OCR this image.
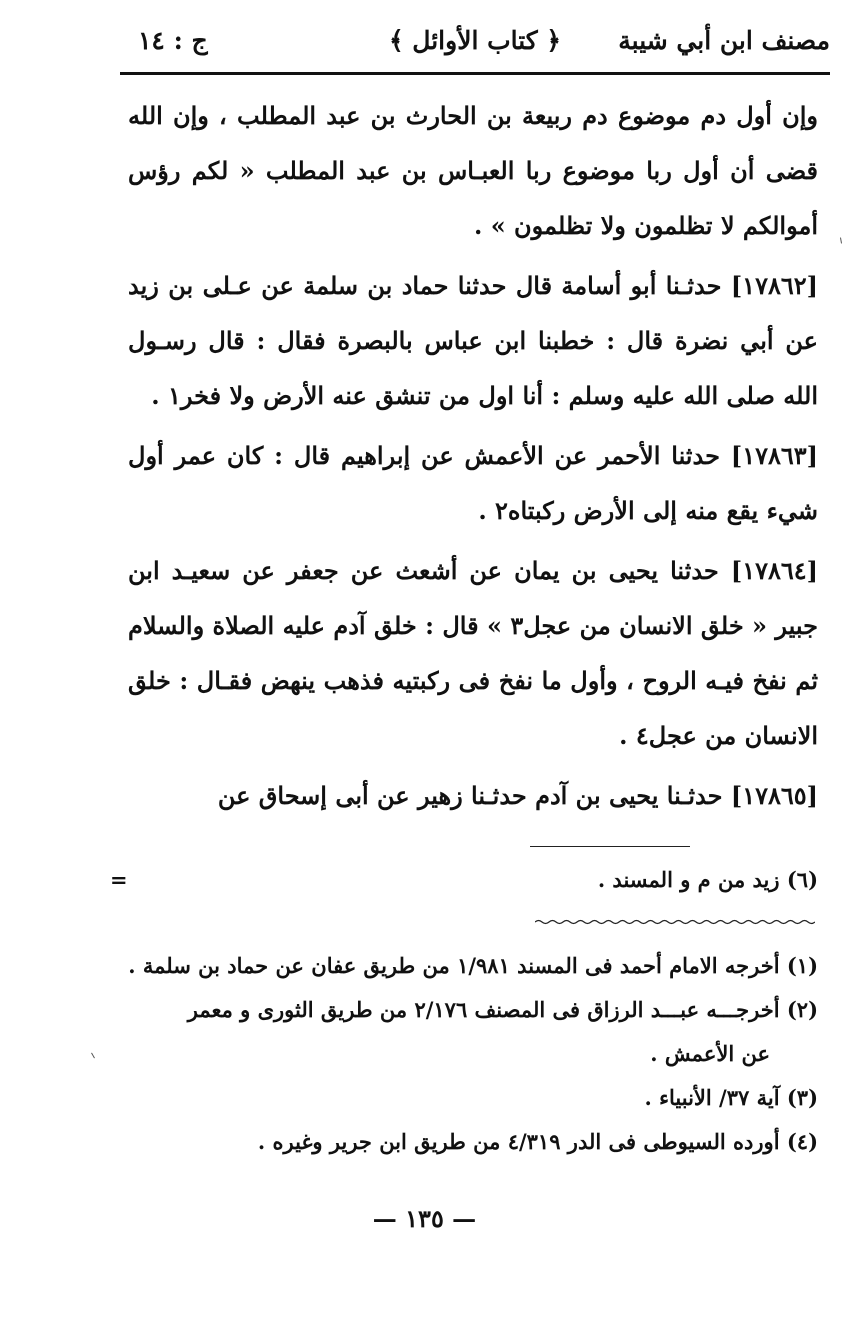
مصنف ابن أبي شيبة
﴿ كتاب الأوائل ﴾
ج : ١٤

وإن أول دم موضوع دم ربيعة بن الحارث بن عبد المطلب ، وإن الله قضى أن أول ربا موضوع ربا العبـاس بن عبد المطلب « لكم رؤس أموالكم لا تظلمون ولا تظلمون » .

[١٧٨٦٢] حدثـنا أبو أسامة قال حدثنا حماد بن سلمة عن عـلى بن زيد عن أبي نضرة قال : خطبنا ابن عباس بالبصرة فقال : قال رسـول الله صلى الله عليه وسلم : أنا اول من تنشق عنه الأرض ولا فخر١ .

[١٧٨٦٣] حدثنا الأحمر عن الأعمش عن إبراهيم قال : كان عمر أول شيء يقع منه إلى الأرض ركبتاه٢ .

[١٧٨٦٤] حدثنا يحيى بن يمان عن أشعث عن جعفر عن سعيـد ابن جبير « خلق الانسان من عجل٣ » قال : خلق آدم عليه الصلاة والسلام ثم نفخ فيـه الروح ، وأول ما نفخ فى ركبتيه فذهب ينهض فقـال : خلق الانسان من عجل٤ .

[١٧٨٦٥] حدثـنا يحيى بن آدم حدثـنا زهير عن أبى إسحاق عن

=	(٦) زيد من م و المسند .

(١) أخرجه الامام أحمد فى المسند ١/٩٨١ من طريق عفان عن حماد بن سلمة .

(٢) أخرجـــه عبـــد الرزاق فى المصنف ٢/١٧٦ من طريق الثورى و معمر

عن الأعمش .

(٣) آية ٣٧/ الأنبياء .

(٤) أورده السيوطى فى الدر ٤/٣١٩ من طريق ابن جرير وغيره .

— ١٣٥ —
